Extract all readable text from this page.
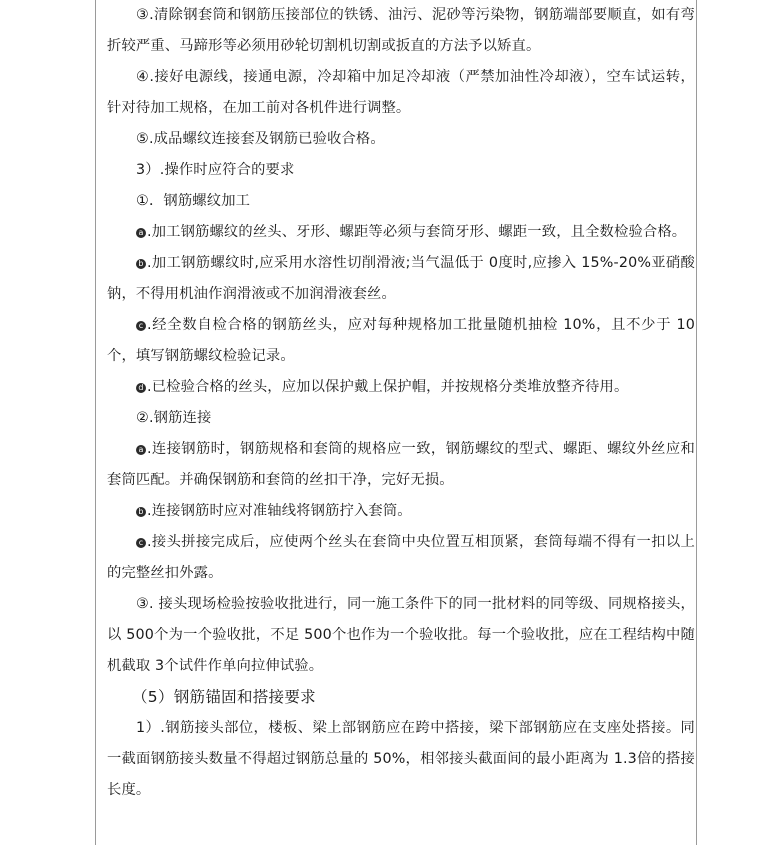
③.清除钢套筒和钢筋压接部位的铁锈、油污、泥砂等污染物，钢筋端部要顺直，如有弯折较严重、马蹄形等必须用砂轮切割机切割或扳直的方法予以矫直。

④.接好电源线，接通电源，冷却箱中加足冷却液（严禁加油性冷却液），空车试运转，针对待加工规格，在加工前对各机件进行调整。

⑤.成品螺纹连接套及钢筋已验收合格。

3）.操作时应符合的要求

①．钢筋螺纹加工

a .加工钢筋螺纹的丝头、牙形、螺距等必须与套筒牙形、螺距一致，且全数检验合格。

b .加工钢筋螺纹时,应采用水溶性切削滑液;当气温低于 0度时,应掺入 15%-20%亚硝酸钠，不得用机油作润滑液或不加润滑液套丝。

c .经全数自检合格的钢筋丝头，应对每种规格加工批量随机抽检 10%，且不少于 10个，填写钢筋螺纹检验记录。

d .已检验合格的丝头，应加以保护戴上保护帽，并按规格分类堆放整齐待用。

②.钢筋连接

a .连接钢筋时，钢筋规格和套筒的规格应一致，钢筋螺纹的型式、螺距、螺纹外丝应和套筒匹配。并确保钢筋和套筒的丝扣干净，完好无损。

b .连接钢筋时应对准轴线将钢筋拧入套筒。

c .接头拼接完成后，应使两个丝头在套筒中央位置互相顶紧，套筒每端不得有一扣以上的完整丝扣外露。

③. 接头现场检验按验收批进行，同一施工条件下的同一批材料的同等级、同规格接头，以 500个为一个验收批，不足 500个也作为一个验收批。每一个验收批，应在工程结构中随机截取 3个试件作单向拉伸试验。

（5）钢筋锚固和搭接要求

1）.钢筋接头部位，楼板、梁上部钢筋应在跨中搭接，梁下部钢筋应在支座处搭接。同一截面钢筋接头数量不得超过钢筋总量的 50%，相邻接头截面间的最小距离为 1.3倍的搭接长度。
